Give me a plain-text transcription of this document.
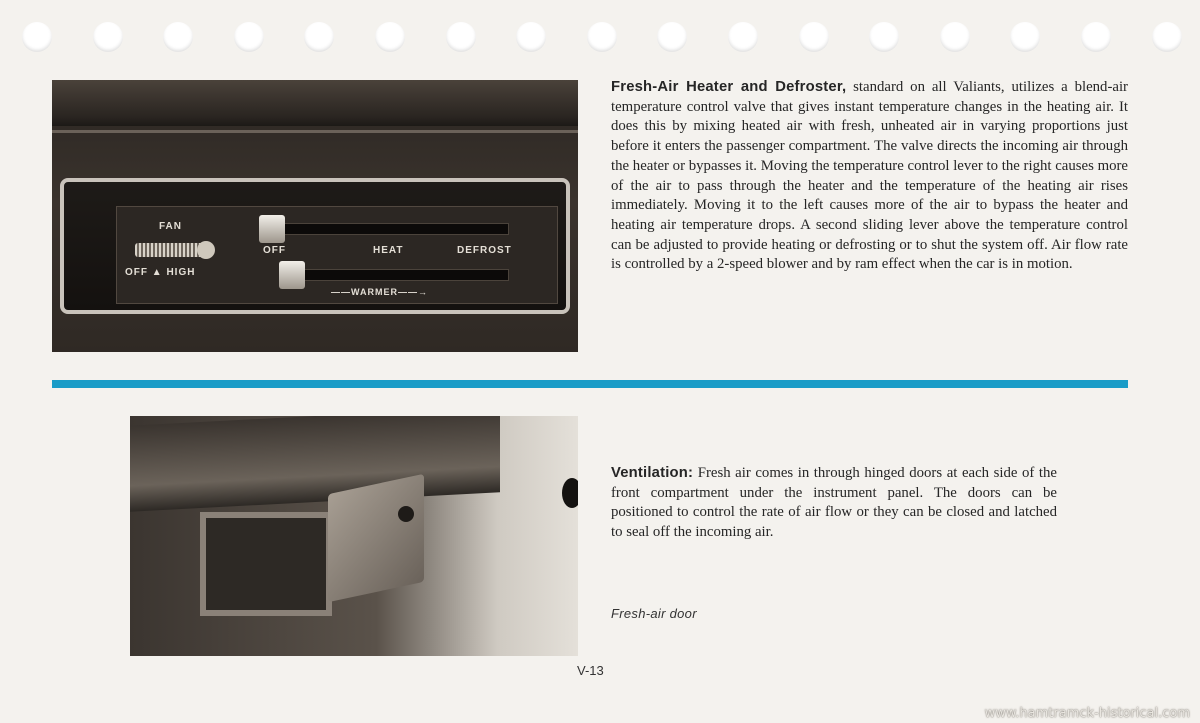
FAN
OFF ▲ HIGH
OFF	HEAT	DEFROST
——WARMER——→

Fresh-Air Heater and Defroster, standard on all Valiants, utilizes a blend-air temperature control valve that gives instant temperature changes in the heating air. It does this by mixing heated air with fresh, unheated air in varying proportions just before it enters the passenger compartment. The valve directs the incoming air through the heater or bypasses it. Moving the temperature control lever to the right causes more of the air to pass through the heater and the temperature of the heating air rises immediately. Moving it to the left causes more of the air to bypass the heater and heating air temperature drops. A second sliding lever above the temperature control can be adjusted to provide heating or defrosting or to shut the system off. Air flow rate is controlled by a 2-speed blower and by ram effect when the car is in motion.

Ventilation: Fresh air comes in through hinged doors at each side of the front compartment under the instrument panel. The doors can be positioned to control the rate of air flow or they can be closed and latched to seal off the incoming air.

Fresh-air door
V-13
www.hamtramck-historical.com
